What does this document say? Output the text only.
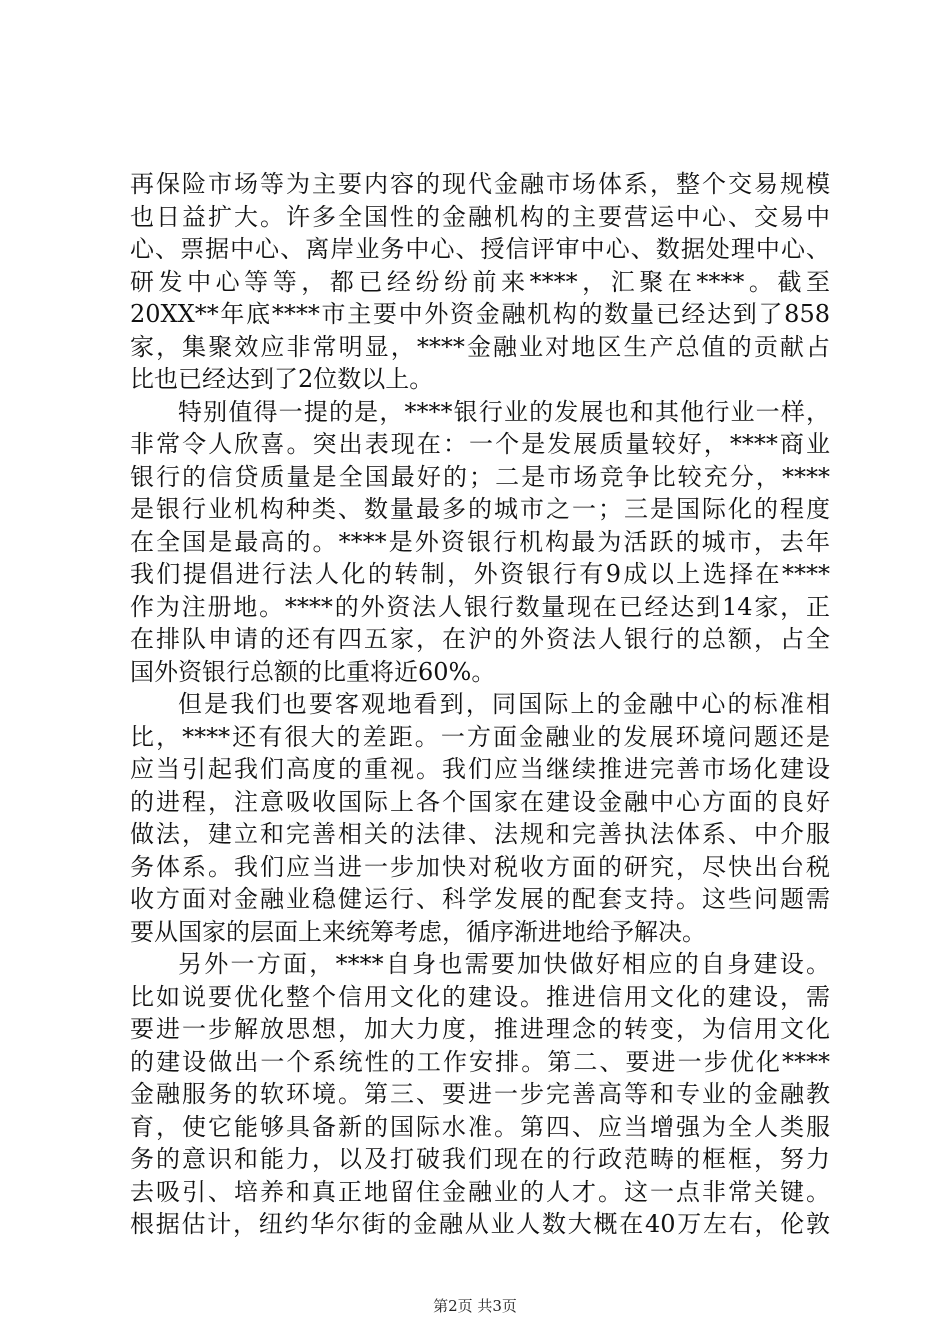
再保险市场等为主要内容的现代金融市场体系，整个交易规模
也日益扩大。许多全国性的金融机构的主要营运中心、交易中
心、票据中心、离岸业务中心、授信评审中心、数据处理中心、
研发中心等等，都已经纷纷前来****，汇聚在****。截至
20XX**年底****市主要中外资金融机构的数量已经达到了858
家，集聚效应非常明显，****金融业对地区生产总值的贡献占
比也已经达到了2位数以上。
特别值得一提的是，****银行业的发展也和其他行业一样，
非常令人欣喜。突出表现在：一个是发展质量较好，****商业
银行的信贷质量是全国最好的；二是市场竞争比较充分，****
是银行业机构种类、数量最多的城市之一；三是国际化的程度
在全国是最高的。****是外资银行机构最为活跃的城市，去年
我们提倡进行法人化的转制，外资银行有9成以上选择在****
作为注册地。****的外资法人银行数量现在已经达到14家，正
在排队申请的还有四五家，在沪的外资法人银行的总额，占全
国外资银行总额的比重将近60%。
但是我们也要客观地看到，同国际上的金融中心的标准相
比，****还有很大的差距。一方面金融业的发展环境问题还是
应当引起我们高度的重视。我们应当继续推进完善市场化建设
的进程，注意吸收国际上各个国家在建设金融中心方面的良好
做法，建立和完善相关的法律、法规和完善执法体系、中介服
务体系。我们应当进一步加快对税收方面的研究，尽快出台税
收方面对金融业稳健运行、科学发展的配套支持。这些问题需
要从国家的层面上来统筹考虑，循序渐进地给予解决。
另外一方面，****自身也需要加快做好相应的自身建设。
比如说要优化整个信用文化的建设。推进信用文化的建设，需
要进一步解放思想，加大力度，推进理念的转变，为信用文化
的建设做出一个系统性的工作安排。第二、要进一步优化****
金融服务的软环境。第三、要进一步完善高等和专业的金融教
育，使它能够具备新的国际水准。第四、应当增强为全人类服
务的意识和能力，以及打破我们现在的行政范畴的框框，努力
去吸引、培养和真正地留住金融业的人才。这一点非常关键。
根据估计，纽约华尔街的金融从业人数大概在40万左右，伦敦
第2页 共3页
